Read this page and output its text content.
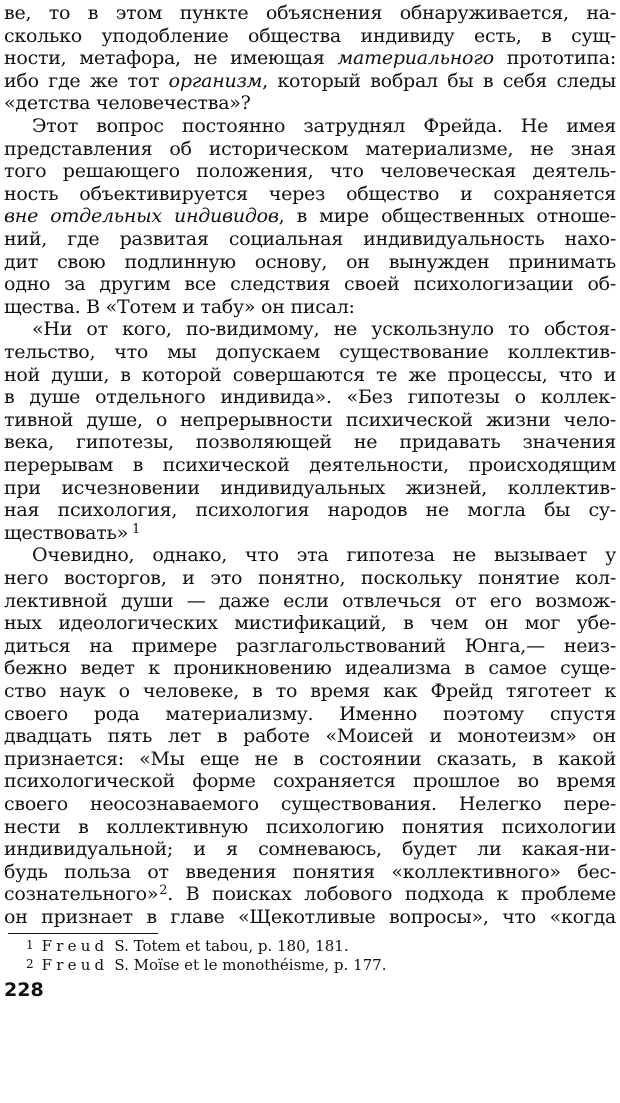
ве, то в этом пункте объяснения обнаруживается, на-
сколько уподобление общества индивиду есть, в сущ-
ности, метафора, не имеющая материального прототипа:
ибо где же тот организм, который вобрал бы в себя следы
«детства человечества»?
Этот вопрос постоянно затруднял Фрейда. Не имея
представления об историческом материализме, не зная
того решающего положения, что человеческая деятель-
ность объективируется через общество и сохраняется
вне отдельных индивидов, в мире общественных отноше-
ний, где развитая социальная индивидуальность нахо-
дит свою подлинную основу, он вынужден принимать
одно за другим все следствия своей психологизации об-
щества. В «Тотем и табу» он писал:
«Ни от кого, по-видимому, не ускользнуло то обстоя-
тельство, что мы допускаем существование коллектив-
ной души, в которой совершаются те же процессы, что и
в душе отдельного индивида». «Без гипотезы о коллек-
тивной душе, о непрерывности психической жизни чело-
века, гипотезы, позволяющей не придавать значения
перерывам в психической деятельности, происходящим
при исчезновении индивидуальных жизней, коллектив-
ная психология, психология народов не могла бы су-
ществовать» $^1$
Очевидно, однако, что эта гипотеза не вызывает у
него восторгов, и это понятно, поскольку понятие кол-
лективной души — даже если отвлечься от его возмож-
ных идеологических мистификаций, в чем он мог убе-
диться на примере разглагольствований Юнга,— неиз-
бежно ведет к проникновению идеализма в самое суще-
ство наук о человеке, в то время как Фрейд тяготеет к
своего рода материализму. Именно поэтому спустя
двадцать пять лет в работе «Моисей и монотеизм» он
признается: «Мы еще не в состоянии сказать, в какой
психологической форме сохраняется прошлое во время
своего неосознаваемого существования. Нелегко пере-
нести в коллективную психологию понятия психологии
индивидуальной; и я сомневаюсь, будет ли какая-ни-
будь польза от введения понятия «коллективного» бес-
сознательного»$^2$. В поисках лобового подхода к проблеме
он признает в главе «Щекотливые вопросы», что «когда
$^1$ Freud S. Totem et tabou, p. 180, 181.
$^2$ Freud S. Moïse et le monothéisme, p. 177.
228
